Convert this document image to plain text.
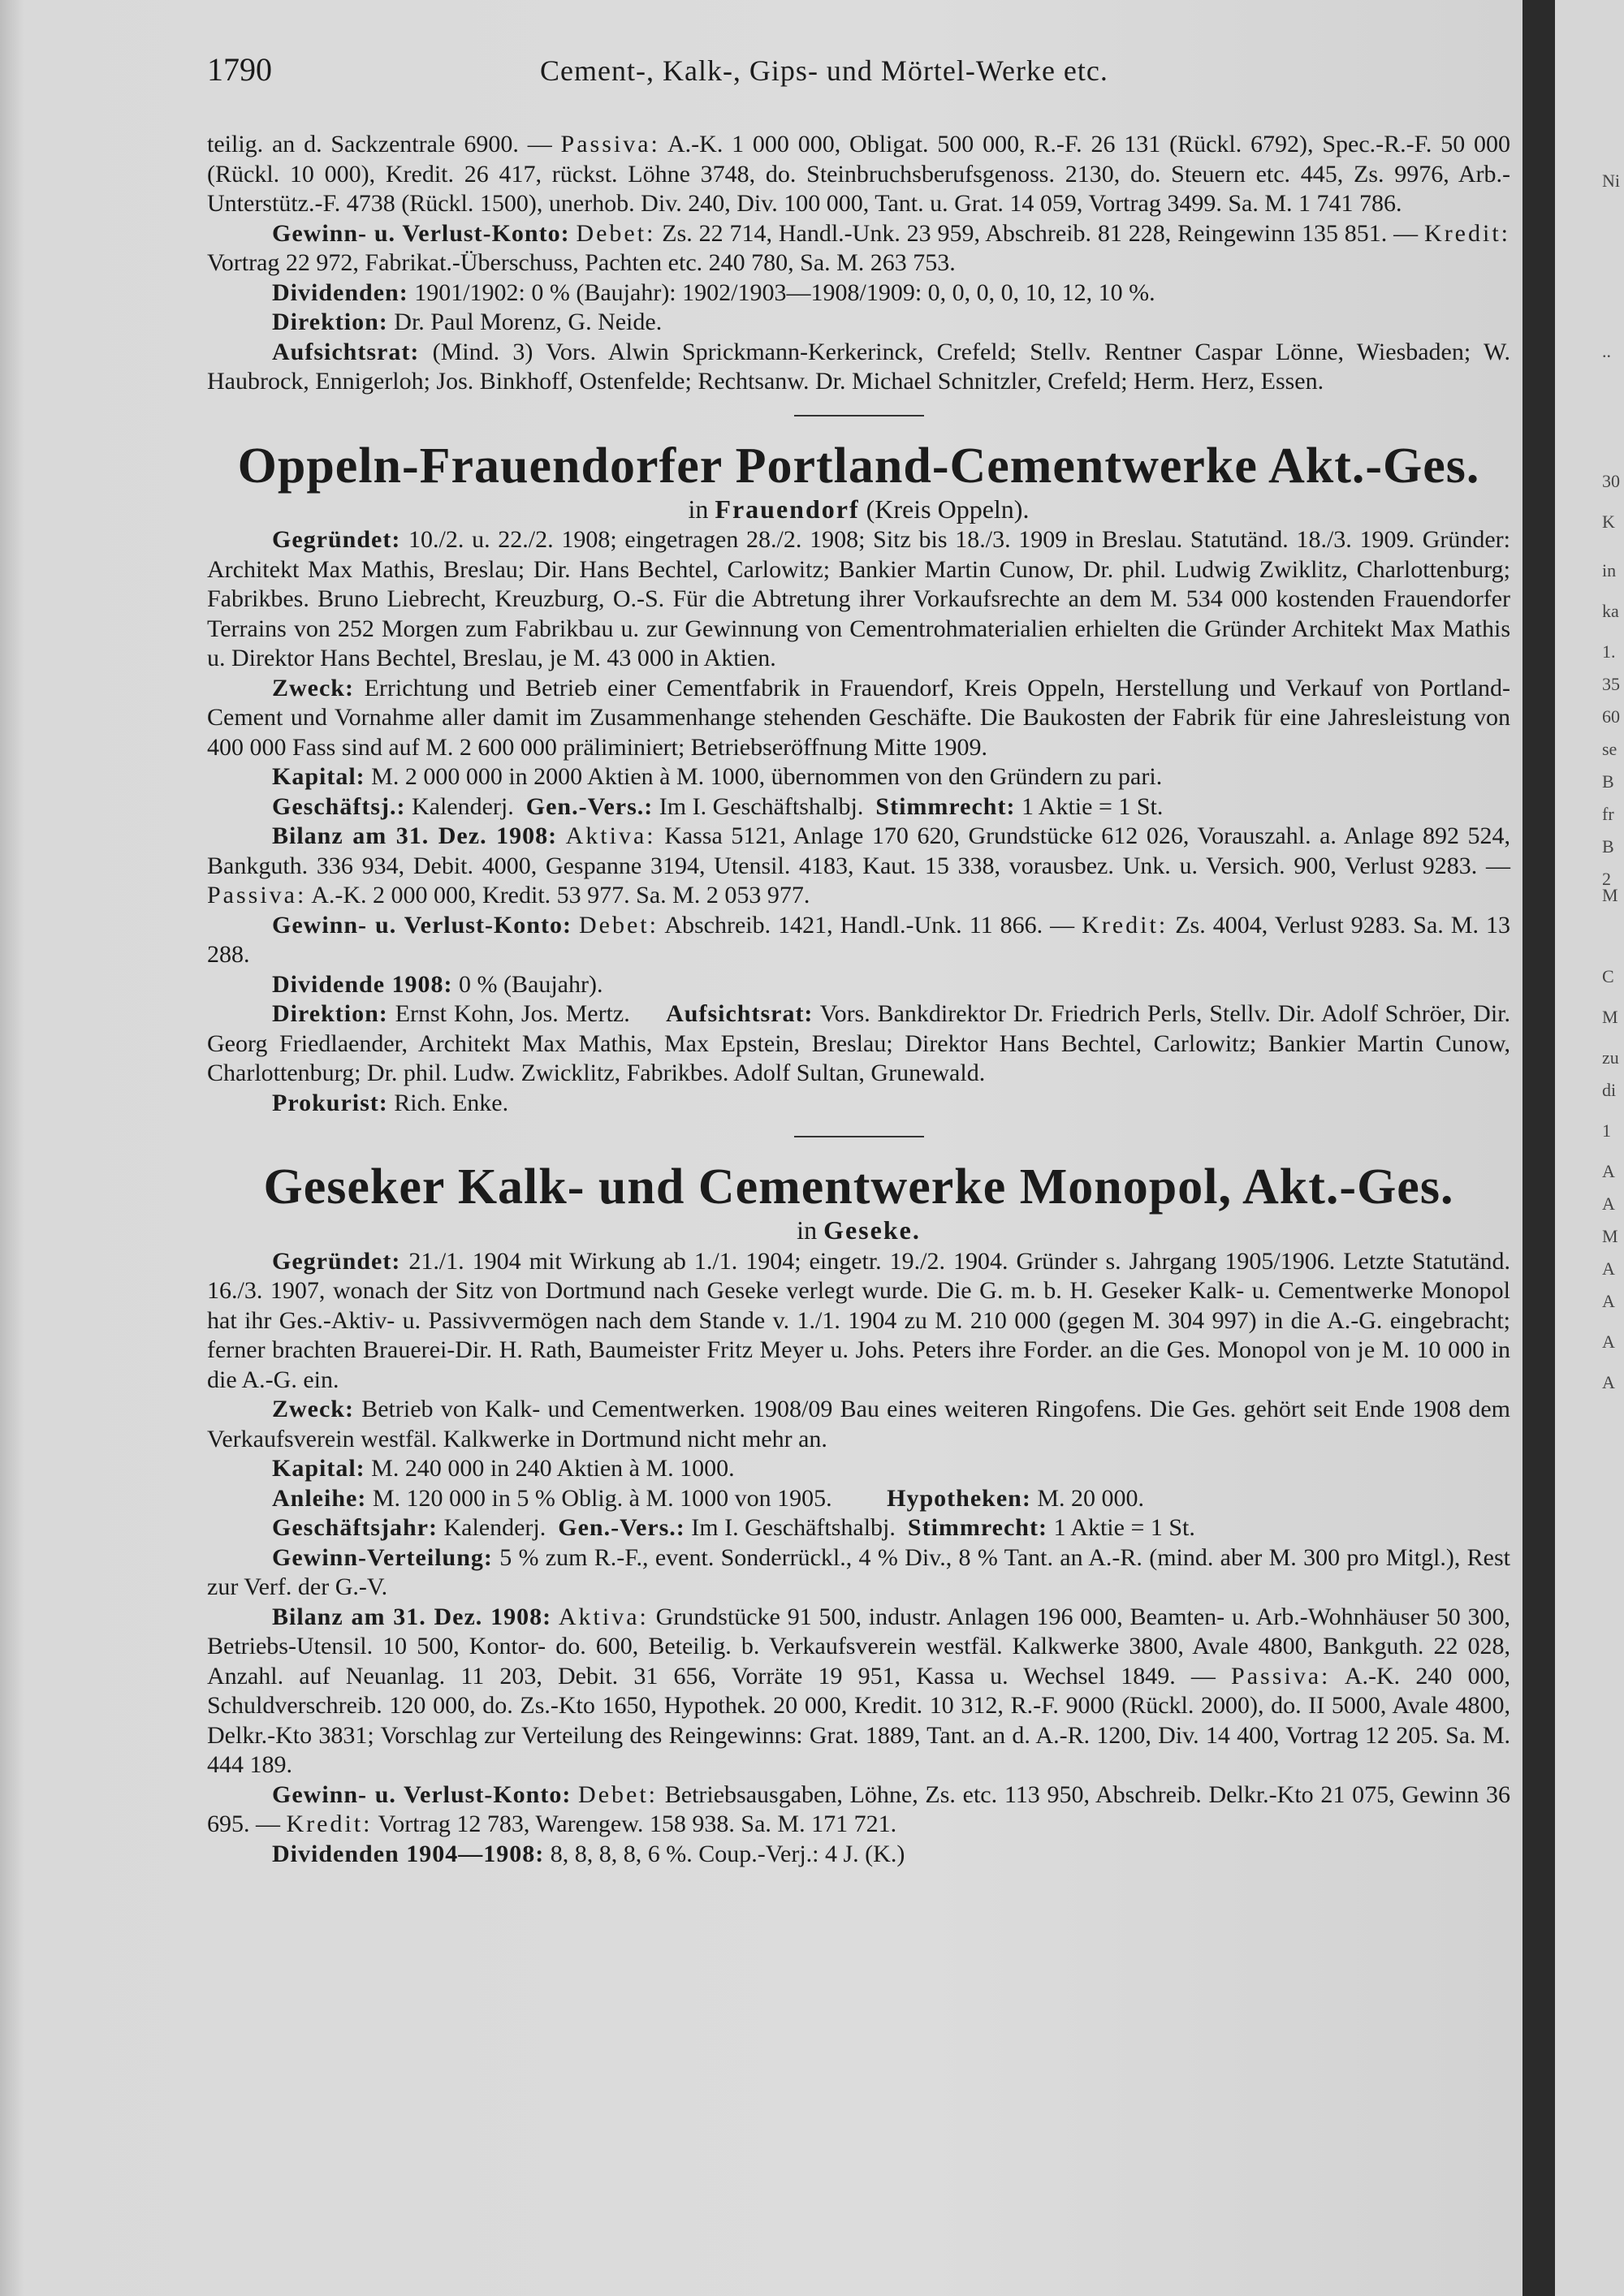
1790	Cement-, Kalk-, Gips- und Mörtel-Werke etc.

teilig. an d. Sackzentrale 6900. — Passiva: A.-K. 1 000 000, Obligat. 500 000, R.-F. 26 131 (Rückl. 6792), Spec.-R.-F. 50 000 (Rückl. 10 000), Kredit. 26 417, rückst. Löhne 3748, do. Steinbruchsberufsgenoss. 2130, do. Steuern etc. 445, Zs. 9976, Arb.-Unterstütz.-F. 4738 (Rückl. 1500), unerhob. Div. 240, Div. 100 000, Tant. u. Grat. 14 059, Vortrag 3499. Sa. M. 1 741 786.

Gewinn- u. Verlust-Konto: Debet: Zs. 22 714, Handl.-Unk. 23 959, Abschreib. 81 228, Reingewinn 135 851. — Kredit: Vortrag 22 972, Fabrikat.-Überschuss, Pachten etc. 240 780, Sa. M. 263 753.

Dividenden: 1901/1902: 0 % (Baujahr): 1902/1903—1908/1909: 0, 0, 0, 0, 10, 12, 10 %.

Direktion: Dr. Paul Morenz, G. Neide.

Aufsichtsrat: (Mind. 3) Vors. Alwin Sprickmann-Kerkerinck, Crefeld; Stellv. Rentner Caspar Lönne, Wiesbaden; W. Haubrock, Ennigerloh; Jos. Binkhoff, Ostenfelde; Rechtsanw. Dr. Michael Schnitzler, Crefeld; Herm. Herz, Essen.

Oppeln-Frauendorfer Portland-Cementwerke Akt.-Ges.

in Frauendorf (Kreis Oppeln).

Gegründet: 10./2. u. 22./2. 1908; eingetragen 28./2. 1908; Sitz bis 18./3. 1909 in Breslau. Statutänd. 18./3. 1909. Gründer: Architekt Max Mathis, Breslau; Dir. Hans Bechtel, Carlowitz; Bankier Martin Cunow, Dr. phil. Ludwig Zwiklitz, Charlottenburg; Fabrikbes. Bruno Liebrecht, Kreuzburg, O.-S. Für die Abtretung ihrer Vorkaufsrechte an dem M. 534 000 kostenden Frauendorfer Terrains von 252 Morgen zum Fabrikbau u. zur Gewinnung von Cementrohmaterialien erhielten die Gründer Architekt Max Mathis u. Direktor Hans Bechtel, Breslau, je M. 43 000 in Aktien.

Zweck: Errichtung und Betrieb einer Cementfabrik in Frauendorf, Kreis Oppeln, Herstellung und Verkauf von Portland-Cement und Vornahme aller damit im Zusammenhange stehenden Geschäfte. Die Baukosten der Fabrik für eine Jahresleistung von 400 000 Fass sind auf M. 2 600 000 präliminiert; Betriebseröffnung Mitte 1909.

Kapital: M. 2 000 000 in 2000 Aktien à M. 1000, übernommen von den Gründern zu pari.

Geschäftsj.: Kalenderj. Gen.-Vers.: Im I. Geschäftshalbj. Stimmrecht: 1 Aktie = 1 St.

Bilanz am 31. Dez. 1908: Aktiva: Kassa 5121, Anlage 170 620, Grundstücke 612 026, Vorauszahl. a. Anlage 892 524, Bankguth. 336 934, Debit. 4000, Gespanne 3194, Utensil. 4183, Kaut. 15 338, vorausbez. Unk. u. Versich. 900, Verlust 9283. — Passiva: A.-K. 2 000 000, Kredit. 53 977. Sa. M. 2 053 977.

Gewinn- u. Verlust-Konto: Debet: Abschreib. 1421, Handl.-Unk. 11 866. — Kredit: Zs. 4004, Verlust 9283. Sa. M. 13 288.

Dividende 1908: 0 % (Baujahr).

Direktion: Ernst Kohn, Jos. Mertz. Aufsichtsrat: Vors. Bankdirektor Dr. Friedrich Perls, Stellv. Dir. Adolf Schröer, Dir. Georg Friedlaender, Architekt Max Mathis, Max Epstein, Breslau; Direktor Hans Bechtel, Carlowitz; Bankier Martin Cunow, Charlottenburg; Dr. phil. Ludw. Zwicklitz, Fabrikbes. Adolf Sultan, Grunewald.

Prokurist: Rich. Enke.

Geseker Kalk- und Cementwerke Monopol, Akt.-Ges.

in Geseke.

Gegründet: 21./1. 1904 mit Wirkung ab 1./1. 1904; eingetr. 19./2. 1904. Gründer s. Jahrgang 1905/1906. Letzte Statutänd. 16./3. 1907, wonach der Sitz von Dortmund nach Geseke verlegt wurde. Die G. m. b. H. Geseker Kalk- u. Cementwerke Monopol hat ihr Ges.-Aktiv- u. Passivvermögen nach dem Stande v. 1./1. 1904 zu M. 210 000 (gegen M. 304 997) in die A.-G. eingebracht; ferner brachten Brauerei-Dir. H. Rath, Baumeister Fritz Meyer u. Johs. Peters ihre Forder. an die Ges. Monopol von je M. 10 000 in die A.-G. ein.

Zweck: Betrieb von Kalk- und Cementwerken. 1908/09 Bau eines weiteren Ringofens. Die Ges. gehört seit Ende 1908 dem Verkaufsverein westfäl. Kalkwerke in Dortmund nicht mehr an.

Kapital: M. 240 000 in 240 Aktien à M. 1000.

Anleihe: M. 120 000 in 5 % Oblig. à M. 1000 von 1905. Hypotheken: M. 20 000.

Geschäftsjahr: Kalenderj. Gen.-Vers.: Im I. Geschäftshalbj. Stimmrecht: 1 Aktie = 1 St.

Gewinn-Verteilung: 5 % zum R.-F., event. Sonderrückl., 4 % Div., 8 % Tant. an A.-R. (mind. aber M. 300 pro Mitgl.), Rest zur Verf. der G.-V.

Bilanz am 31. Dez. 1908: Aktiva: Grundstücke 91 500, industr. Anlagen 196 000, Beamten- u. Arb.-Wohnhäuser 50 300, Betriebs-Utensil. 10 500, Kontor- do. 600, Beteilig. b. Verkaufsverein westfäl. Kalkwerke 3800, Avale 4800, Bankguth. 22 028, Anzahl. auf Neuanlag. 11 203, Debit. 31 656, Vorräte 19 951, Kassa u. Wechsel 1849. — Passiva: A.-K. 240 000, Schuldverschreib. 120 000, do. Zs.-Kto 1650, Hypothek. 20 000, Kredit. 10 312, R.-F. 9000 (Rückl. 2000), do. II 5000, Avale 4800, Delkr.-Kto 3831; Vorschlag zur Verteilung des Reingewinns: Grat. 1889, Tant. an d. A.-R. 1200, Div. 14 400, Vortrag 12 205. Sa. M. 444 189.

Gewinn- u. Verlust-Konto: Debet: Betriebsausgaben, Löhne, Zs. etc. 113 950, Abschreib. Delkr.-Kto 21 075, Gewinn 36 695. — Kredit: Vortrag 12 783, Warengew. 158 938. Sa. M. 171 721.

Dividenden 1904—1908: 8, 8, 8, 8, 6 %. Coup.-Verj.: 4 J. (K.)

Ni
..
30
K
in
ka
1.
35
60
se
B
fr
B
2
M
C
M
zu
di
1
A
A
M
A
A
A
A
